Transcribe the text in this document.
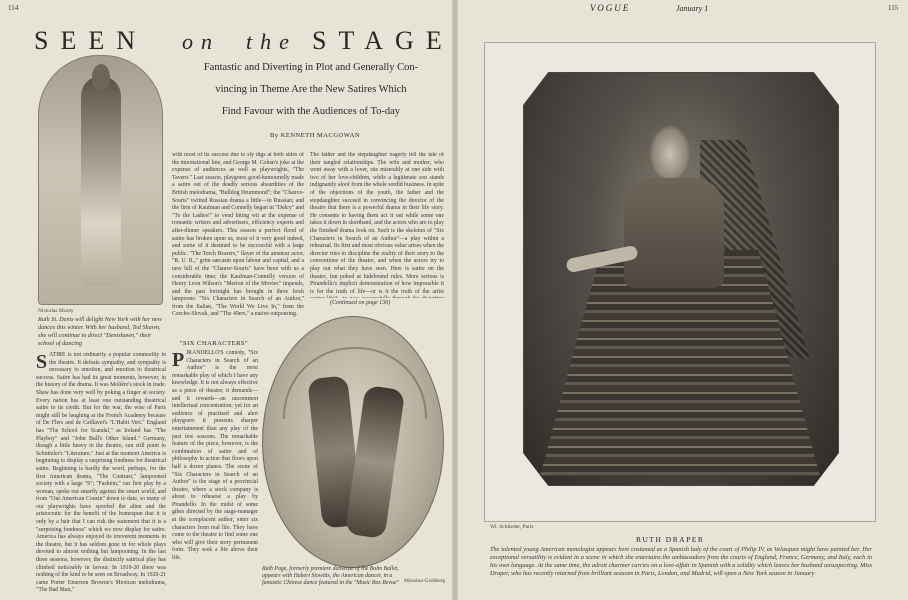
114	VOGUE	January 1	115
SEEN on the STAGE
Fantastic and Diverting in Plot and Generally Con-
vincing in Theme Are the New Satires Which
Find Favour with the Audiences of To-day
By KENNETH MACGOWAN
Nickolas Muray
Ruth St. Denis will delight New York with her new dances this winter. With her husband, Ted Shawn, she will continue to direct "Denishawn," their school of dancing
SATIRE is not ordinarily a popular commodity in the theatre. It defeats sympathy, and sympathy is necessary to emotion, and emotion to theatrical success. Satire has had its great moments, however, in the history of the drama. It was Molière's stock in trade. Shaw has done very well by poking a finger at society. Every nation has at least one outstanding theatrical satire to its credit. But for the war, the wise of Paris might still be laughing at the French Academy because of De Flers and de Caillavet's "L'Habit Vert." England has "The School for Scandal," as Ireland has "The Playboy" and "John Bull's Other Island." Germany, though a little heavy in the theatre, can still point to Schnitzler's "Literature." Just at the moment America is beginning to display a surprising fondness for theatrical satire. Beginning is hardly the word, perhaps, for the first American drama, "The Contrast," lampooned society with a large "S"; "Fashion," our first play by a woman, spoke out smartly against the smart world, and from "Our American Cousin" down to date, so many of our playwrights have spoofed the alien and the aristocratic for the benefit of the homespun that it is only by a hair that I can risk the statement that it is a "surprising fondness" which we now display for satire. America has always enjoyed its irreverent moments in the theatre, but it has seldom gone in for whole plays devoted to almost nothing but lampooning. In the last three seasons, however, the distinctly satirical play has climbed noticeably in favour. In 1919-20 there was nothing of the kind to be seen on Broadway. In 1920-21 came Porter Emerson Browne's Mexican melodrama, "The Bad Man,"
with most of its success due to sly digs at both sides of the international line, and George M. Cohan's joke at the expense of audiences as well as playwrights, "The Tavern." Last season, playgoers good-humouredly made a satire out of the deadly serious absurdities of the British melodrama, "Bulldog Drummond"; the "Chauve-Souris" twitted Russian drama a little—in Russian; and the firm of Kaufman and Connelly began in "Dulcy" and "To the Ladies!" to vend biting wit at the expense of romantic writers and advertisers, efficiency experts and after-dinner speakers. This season a perfect flood of satire has broken upon us, most of it very good indeed, and some of it destined to be successful with a large public. "The Torch Bearers," flayer of the amateur actor, "R. U. R.," grim sarcasm upon labour and capital, and a new bill of the "Chauve-Souris" have been with us a considerable time; the Kaufman-Connelly version of Henry Leon Wilson's "Merton of the Movies" impends, and the past fortnight has brought in three fresh lampoons: "Six Characters in Search of an Author," from the Italian, "The World We Live In," from the Czecho-Slovak, and "The 49ers," a native outpouring.
"SIX CHARACTERS"
PIRANDELLO'S comedy, "Six Characters in Search of an Author" is the most remarkable play of which I have any knowledge. It is not always effective as a piece of theatre; it demands—and it rewards—an uncommon intellectual concentration; yet for an audience of practised and alert playgoers it presents sharper entertainment than any play of the past few seasons. The remarkable feature of the piece, however, is the combination of satire and of philosophy in action that flows upon half a dozen planes. The scene of "Six Characters in Search of an Author" is the stage of a provincial theatre, where a stock company is about to rehearse a play by Pirandello. In the midst of some gibes directed by the stage-manager at the complacent author, enter six characters from real life. They have come to the theatre to find some one who will give their story permanent form. They seek a life above their life.
The father and the stepdaughter eagerly tell the tale of their tangled relationships. The wife and mother, who went away with a lover, sits miserably at one side with two of her love-children, while a legitimate son stands indignantly aloof from the whole sordid business. In spite of the objections of the youth, the father and the stepdaughter succeed in convincing the director of the theatre that there is a powerful drama in their life story. He consents to having them act it out while some one takes it down in shorthand, and the actors who are to play the finished drama look on. Such is the skeleton of "Six Characters in Search of an Author"—a play within a rehearsal. Its first and most obvious value arises when the director tries to discipline the reality of their story to the conventions of the theatre, and when the actors try to play out what they have seen. Here is satire on the theatre, fun poked at hidebound rules. More serious is Pirandello's implicit demonstration of how impossible it is for the truth of life—or is it the truth of the artist
(Continued on page 130)
Ruth Page, formerly premiere danseuse of the Bolm Ballet, appears with Hubert Stowitts, the American dancer, in a fantastic Chinese dance featured in the "Music Box Revue" Mussina-Goldberg
Wi. Schlieder, Paris
RUTH DRAPER
The talented young American monologist appears here costumed as a Spanish lady of the court of Philip IV, as Velasquez might have painted her. Her exceptional versatility is evident in a scene in which she entertains the ambassadors from the courts of England, France, Germany, and Italy, each in his own language. At the same time, the adroit charmer carries on a love-affair in Spanish with a solidity which leaves her husband unsuspecting. Miss Draper, who has recently returned from brilliant seasons in Paris, London, and Madrid, will open a New York season in January
